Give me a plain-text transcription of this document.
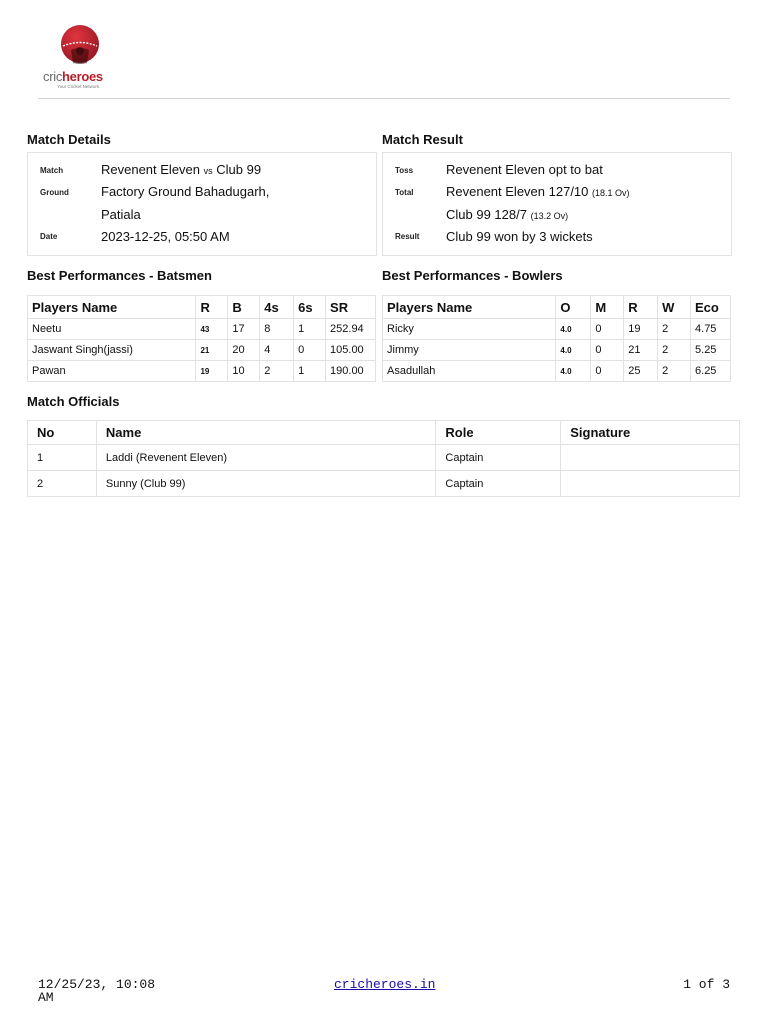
cricheroes
Your Cricket Network
Match Details
Match	Revenent Eleven vs Club 99
Ground Factory Ground Bahadugarh,
Patiala
Date	2023-12-25, 05:50 AM
Match Result
Toss	Revenent Eleven opt to bat
Total Revenent Eleven 127/10 (18.1 Ov)
Club 99 128/7 (13.2 Ov)
Result Club 99 won by 3 wickets
Best Performances - Batsmen
Players Name	R	B	4s	6s	SR
Neetu	43	17	8	1	252.94
Jaswant Singh(jassi)	21	20	4	0	105.00
Pawan	19	10	2	1	190.00
Best Performances - Bowlers
Players Name	O	M	R	W	Eco
Ricky	4.0	0	19	2	4.75
Jimmy	4.0	0	21	2	5.25
Asadullah	4.0	0	25	2	6.25
Match Officials
No	Name	Role	Signature
1	Laddi (Revenent Eleven)	Captain	
2	Sunny (Club 99)	Captain	
12/25/23, 10:08
AM
cricheroes.in	1 of 3
